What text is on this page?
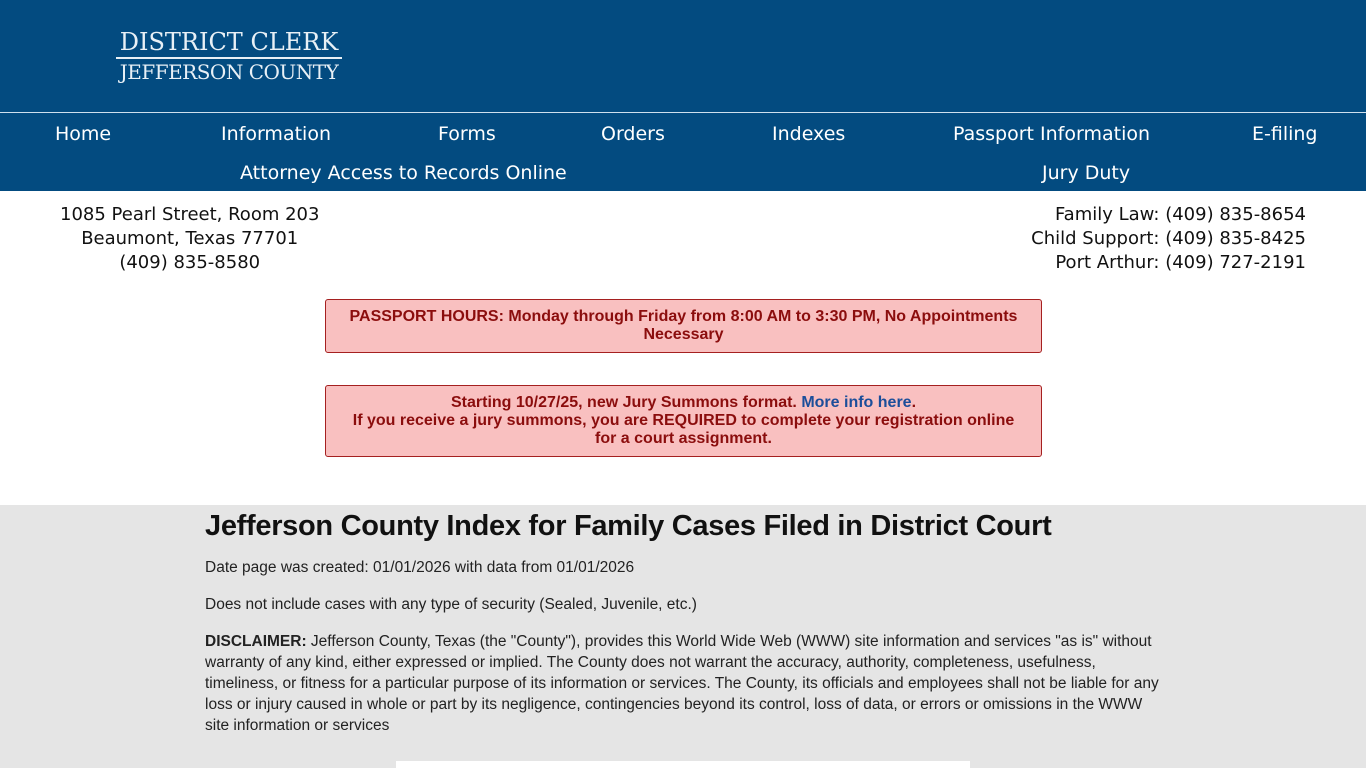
DISTRICT CLERK
JEFFERSON COUNTY
Home	Information	Forms	Orders	Indexes	Passport Information	E-filing
Attorney Access to Records Online	Jury Duty
1085 Pearl Street, Room 203
Beaumont, Texas 77701
(409) 835-8580
Family Law: (409) 835-8654
Child Support: (409) 835-8425
Port Arthur: (409) 727-2191
PASSPORT HOURS: Monday through Friday from 8:00 AM to 3:30 PM, No Appointments Necessary
Starting 10/27/25, new Jury Summons format. More info here.
If you receive a jury summons, you are REQUIRED to complete your registration online for a court assignment.
Jefferson County Index for Family Cases Filed in District Court

Date page was created: 01/01/2026 with data from 01/01/2026

Does not include cases with any type of security (Sealed, Juvenile, etc.)

DISCLAIMER: Jefferson County, Texas (the "County"), provides this World Wide Web (WWW) site information and services "as is" without warranty of any kind, either expressed or implied. The County does not warrant the accuracy, authority, completeness, usefulness, timeliness, or fitness for a particular purpose of its information or services. The County, its officials and employees shall not be liable for any loss or injury caused in whole or part by its negligence, contingencies beyond its control, loss of data, or errors or omissions in the WWW site information or services
